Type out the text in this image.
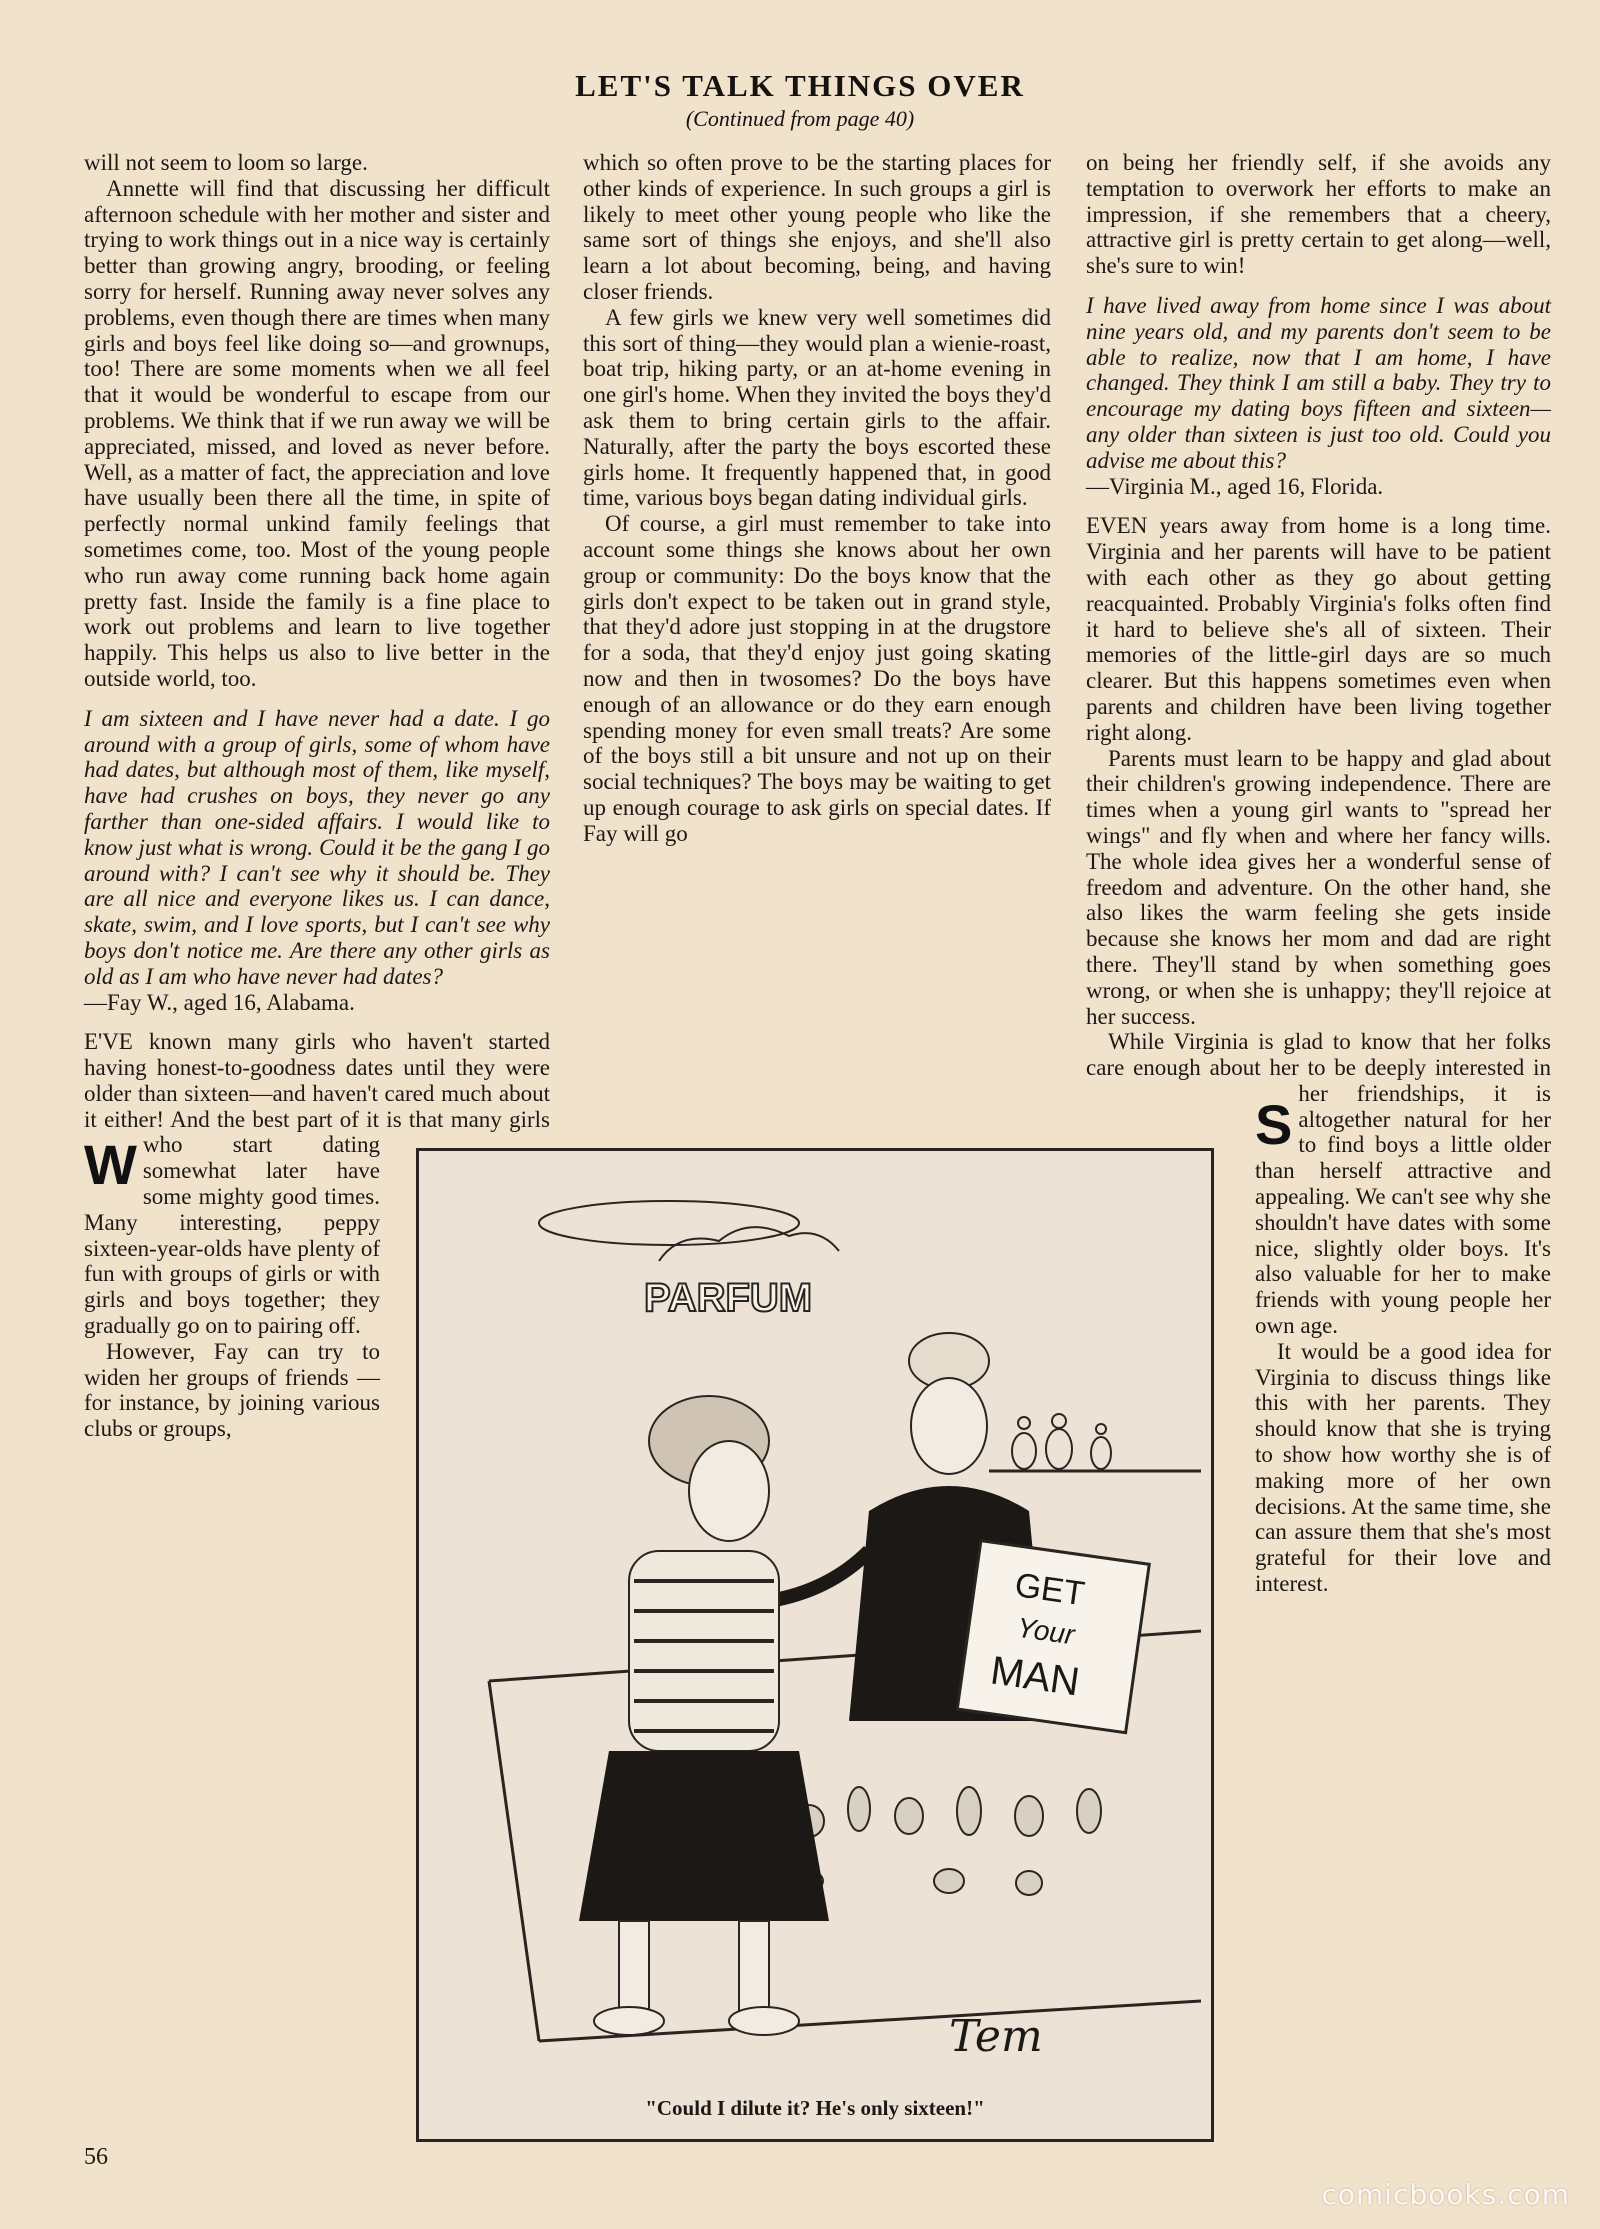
LET'S TALK THINGS OVER
(Continued from page 40)

will not seem to loom so large.

Annette will find that discussing her difficult afternoon schedule with her mother and sister and trying to work things out in a nice way is certainly better than growing angry, brooding, or feeling sorry for herself. Running away never solves any problems, even though there are times when many girls and boys feel like doing so—and grownups, too! There are some moments when we all feel that it would be wonderful to escape from our problems. We think that if we run away we will be appreciated, missed, and loved as never before. Well, as a matter of fact, the appreciation and love have usually been there all the time, in spite of perfectly normal unkind family feelings that sometimes come, too. Most of the young people who run away come running back home again pretty fast. Inside the family is a fine place to work out problems and learn to live together happily. This helps us also to live better in the outside world, too.

I am sixteen and I have never had a date. I go around with a group of girls, some of whom have had dates, but although most of them, like myself, have had crushes on boys, they never go any farther than one-sided affairs. I would like to know just what is wrong. Could it be the gang I go around with? I can't see why it should be. They are all nice and everyone likes us. I can dance, skate, swim, and I love sports, but I can't see why boys don't notice me. Are there any other girls as old as I am who have never had dates?

—Fay W., aged 16, Alabama.

W
E'VE known many girls who haven't started having honest-to-goodness dates until they were older than sixteen—and haven't cared much about it either! And the best part of it is that many girls who start dating somewhat later have some mighty good times. Many interesting, peppy sixteen-year-olds have plenty of fun with groups of girls or with girls and boys together; they gradually go on to pairing off.

However, Fay can try to widen her groups of friends — for instance, by joining various clubs or groups,

which so often prove to be the starting places for other kinds of experience. In such groups a girl is likely to meet other young people who like the same sort of things she enjoys, and she'll also learn a lot about becoming, being, and having closer friends.

A few girls we knew very well sometimes did this sort of thing—they would plan a wienie-roast, boat trip, hiking party, or an at-home evening in one girl's home. When they invited the boys they'd ask them to bring certain girls to the affair. Naturally, after the party the boys escorted these girls home. It frequently happened that, in good time, various boys began dating individual girls.

Of course, a girl must remember to take into account some things she knows about her own group or community: Do the boys know that the girls don't expect to be taken out in grand style, that they'd adore just stopping in at the drugstore for a soda, that they'd enjoy just going skating now and then in twosomes? Do the boys have enough of an allowance or do they earn enough spending money for even small treats? Are some of the boys still a bit unsure and not up on their social techniques? The boys may be waiting to get up enough courage to ask girls on special dates. If Fay will go

on being her friendly self, if she avoids any temptation to overwork her efforts to make an impression, if she remembers that a cheery, attractive girl is pretty certain to get along—well, she's sure to win!

I have lived away from home since I was about nine years old, and my parents don't seem to be able to realize, now that I am home, I have changed. They think I am still a baby. They try to encourage my dating boys fifteen and sixteen—any older than sixteen is just too old. Could you advise me about this?

—Virginia M., aged 16, Florida.

S
EVEN years away from home is a long time. Virginia and her parents will have to be patient with each other as they go about getting reacquainted. Probably Virginia's folks often find it hard to believe she's all of sixteen. Their memories of the little-girl days are so much clearer. But this happens sometimes even when parents and children have been living together right along.

Parents must learn to be happy and glad about their children's growing independence. There are times when a young girl wants to "spread her wings" and fly when and where her fancy wills. The whole idea gives her a wonderful sense of freedom and adventure. On the other hand, she also likes the warm feeling she gets inside because she knows her mom and dad are right there. They'll stand by when something goes wrong, or when she is unhappy; they'll rejoice at her success.

While Virginia is glad to know that her folks care enough about her to be deeply interested in her friendships, it is altogether natural for her to find boys a little older than herself attractive and appealing. We can't see why she shouldn't have dates with some nice, slightly older boys. It's also valuable for her to make friends with young people her own age.

It would be a good idea for Virginia to discuss things like this with her parents. They should know that she is trying to show how worthy she is of making more of her own decisions. At the same time, she can assure them that she's most grateful for their love and interest.

PARFUM
GET
Your
MAN
Tem
"Could I dilute it? He's only sixteen!"
56
comicbooks.com
